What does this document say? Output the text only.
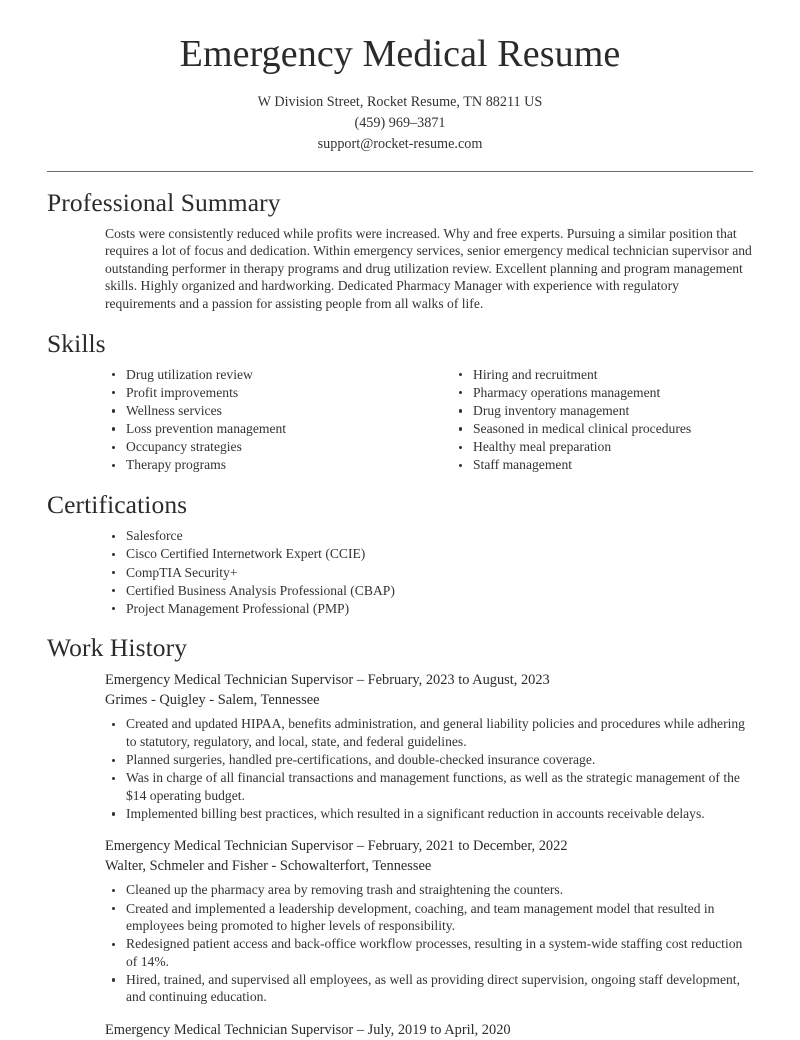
Emergency Medical Resume

W Division Street, Rocket Resume, TN 88211 US

(459) 969–3871

support@rocket-resume.com

Professional Summary

Costs were consistently reduced while profits were increased. Why and free experts. Pursuing a similar position that requires a lot of focus and dedication. Within emergency services, senior emergency medical technician supervisor and outstanding performer in therapy programs and drug utilization review. Excellent planning and program management skills. Highly organized and hardworking. Dedicated Pharmacy Manager with experience with regulatory requirements and a passion for assisting people from all walks of life.

Skills
Drug utilization review
Profit improvements
Wellness services
Loss prevention management
Occupancy strategies
Therapy programs
Hiring and recruitment
Pharmacy operations management
Drug inventory management
Seasoned in medical clinical procedures
Healthy meal preparation
Staff management
Certifications
Salesforce
Cisco Certified Internetwork Expert (CCIE)
CompTIA Security+
Certified Business Analysis Professional (CBAP)
Project Management Professional (PMP)
Work History

Emergency Medical Technician Supervisor – February, 2023 to August, 2023

Grimes - Quigley - Salem, Tennessee

Created and updated HIPAA, benefits administration, and general liability policies and procedures while adhering to statutory, regulatory, and local, state, and federal guidelines.
Planned surgeries, handled pre-certifications, and double-checked insurance coverage.
Was in charge of all financial transactions and management functions, as well as the strategic management of the $14 operating budget.
Implemented billing best practices, which resulted in a significant reduction in accounts receivable delays.

Emergency Medical Technician Supervisor – February, 2021 to December, 2022

Walter, Schmeler and Fisher - Schowalterfort, Tennessee

Cleaned up the pharmacy area by removing trash and straightening the counters.
Created and implemented a leadership development, coaching, and team management model that resulted in employees being promoted to higher levels of responsibility.
Redesigned patient access and back-office workflow processes, resulting in a system-wide staffing cost reduction of 14%.
Hired, trained, and supervised all employees, as well as providing direct supervision, ongoing staff development, and continuing education.

Emergency Medical Technician Supervisor – July, 2019 to April, 2020
